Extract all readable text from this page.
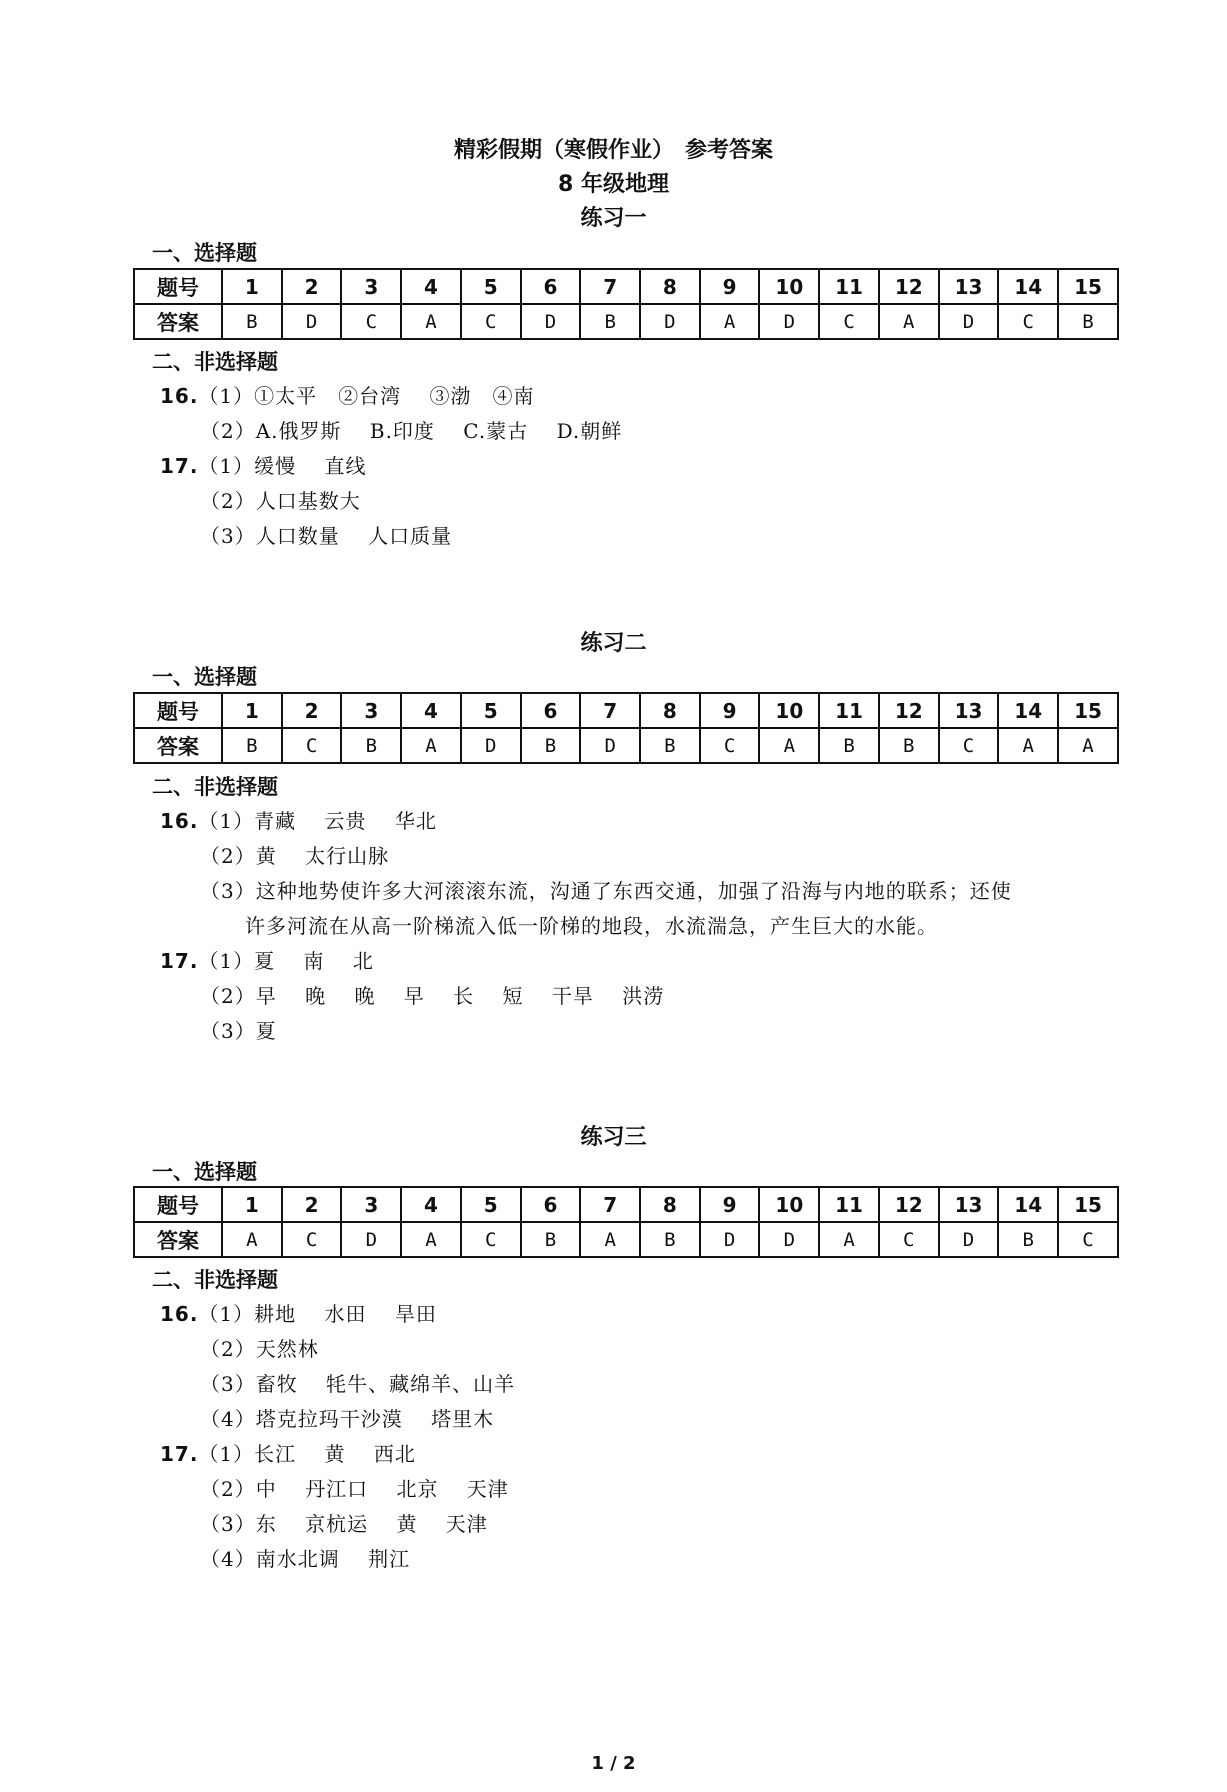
精彩假期（寒假作业）　参考答案
8 年级地理
练习一
一、选择题
题号	1	2	3	4	5	6	7	8	9	10	11	12	13	14	15
答案	B	D	C	A	C	D	B	D	A	D	C	A	D	C	B
二、非选择题
16.（1）①太平　②台湾　 ③渤　④南
（2）A.俄罗斯　 B.印度　 C.蒙古　 D.朝鲜
17.（1）缓慢　 直线
（2）人口基数大
（3）人口数量　 人口质量
练习二
一、选择题
题号	1	2	3	4	5	6	7	8	9	10	11	12	13	14	15
答案	B	C	B	A	D	B	D	B	C	A	B	B	C	A	A
二、非选择题
16.（1）青藏　 云贵　 华北
（2）黄　 太行山脉
（3）这种地势使许多大河滚滚东流，沟通了东西交通，加强了沿海与内地的联系；还使
许多河流在从高一阶梯流入低一阶梯的地段，水流湍急，产生巨大的水能。
17.（1）夏　 南　 北
（2）早　 晚　 晚　 早　 长　 短　 干旱　 洪涝
（3）夏
练习三
一、选择题
题号	1	2	3	4	5	6	7	8	9	10	11	12	13	14	15
答案	A	C	D	A	C	B	A	B	D	D	A	C	D	B	C
二、非选择题
16.（1）耕地　 水田　 旱田
（2）天然林
（3）畜牧　 牦牛、藏绵羊、山羊
（4）塔克拉玛干沙漠　 塔里木
17.（1）长江　 黄　 西北
（2）中　 丹江口　 北京　 天津
（3）东　 京杭运　 黄　 天津
（4）南水北调　 荆江
1 / 2
